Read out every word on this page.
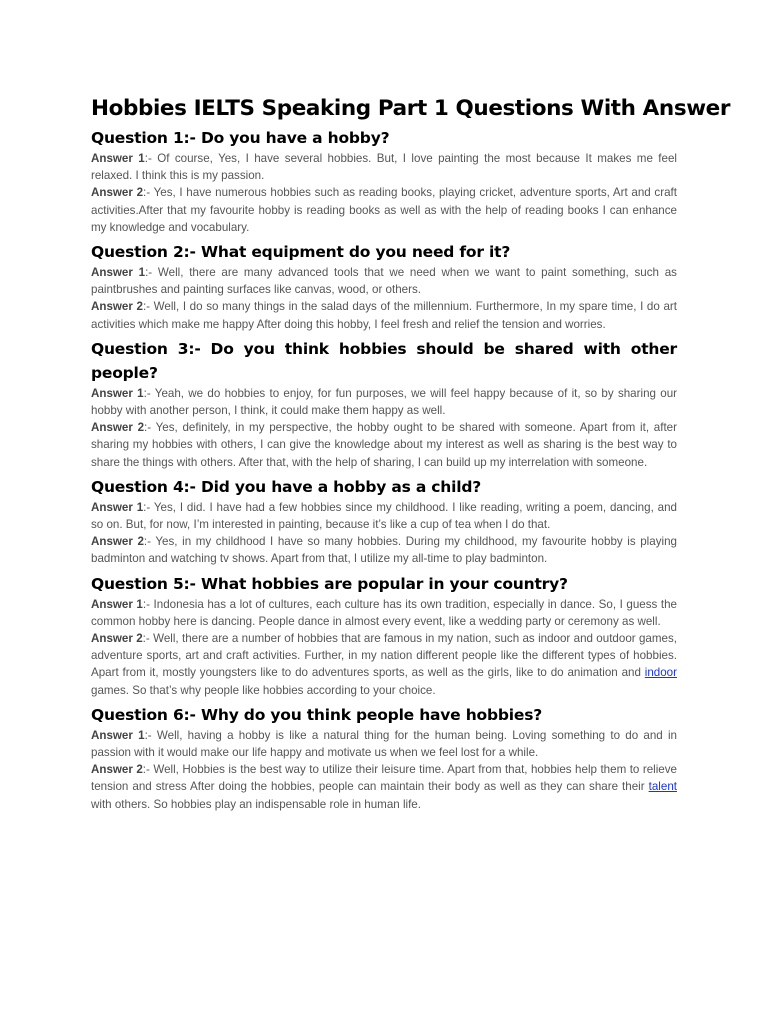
Hobbies IELTS Speaking Part 1 Questions With Answer
Question 1:- Do you have a hobby?

Answer 1:- Of course, Yes, I have several hobbies. But, I love painting the most because It makes me feel relaxed. I think this is my passion.

Answer 2:- Yes, I have numerous hobbies such as reading books, playing cricket, adventure sports, Art and craft activities.After that my favourite hobby is reading books as well as with the help of reading books I can enhance my knowledge and vocabulary.

Question 2:- What equipment do you need for it?

Answer 1:- Well, there are many advanced tools that we need when we want to paint something, such as paintbrushes and painting surfaces like canvas, wood, or others.

Answer 2:- Well, I do so many things in the salad days of the millennium. Furthermore, In my spare time, I do art activities which make me happy After doing this hobby, I feel fresh and relief the tension and worries.

Question 3:- Do you think hobbies should be shared with other people?

Answer 1:- Yeah, we do hobbies to enjoy, for fun purposes, we will feel happy because of it, so by sharing our hobby with another person, I think, it could make them happy as well.

Answer 2:- Yes, definitely, in my perspective, the hobby ought to be shared with someone. Apart from it, after sharing my hobbies with others, I can give the knowledge about my interest as well as sharing is the best way to share the things with others. After that, with the help of sharing, I can build up my interrelation with someone.

Question 4:- Did you have a hobby as a child?

Answer 1:- Yes, I did. I have had a few hobbies since my childhood. I like reading, writing a poem, dancing, and so on. But, for now, I’m interested in painting, because it’s like a cup of tea when I do that.

Answer 2:- Yes, in my childhood I have so many hobbies. During my childhood, my favourite hobby is playing badminton and watching tv shows. Apart from that, I utilize my all-time to play badminton.

Question 5:- What hobbies are popular in your country?

Answer 1:- Indonesia has a lot of cultures, each culture has its own tradition, especially in dance. So, I guess the common hobby here is dancing. People dance in almost every event, like a wedding party or ceremony as well.

Answer 2:- Well, there are a number of hobbies that are famous in my nation, such as indoor and outdoor games, adventure sports, art and craft activities. Further, in my nation different people like the different types of hobbies. Apart from it, mostly youngsters like to do adventures sports, as well as the girls, like to do animation and indoor games. So that’s why people like hobbies according to your choice.

Question 6:- Why do you think people have hobbies?

Answer 1:- Well, having a hobby is like a natural thing for the human being. Loving something to do and in passion with it would make our life happy and motivate us when we feel lost for a while.

Answer 2:- Well, Hobbies is the best way to utilize their leisure time. Apart from that, hobbies help them to relieve tension and stress After doing the hobbies, people can maintain their body as well as they can share their talent with others. So hobbies play an indispensable role in human life.
